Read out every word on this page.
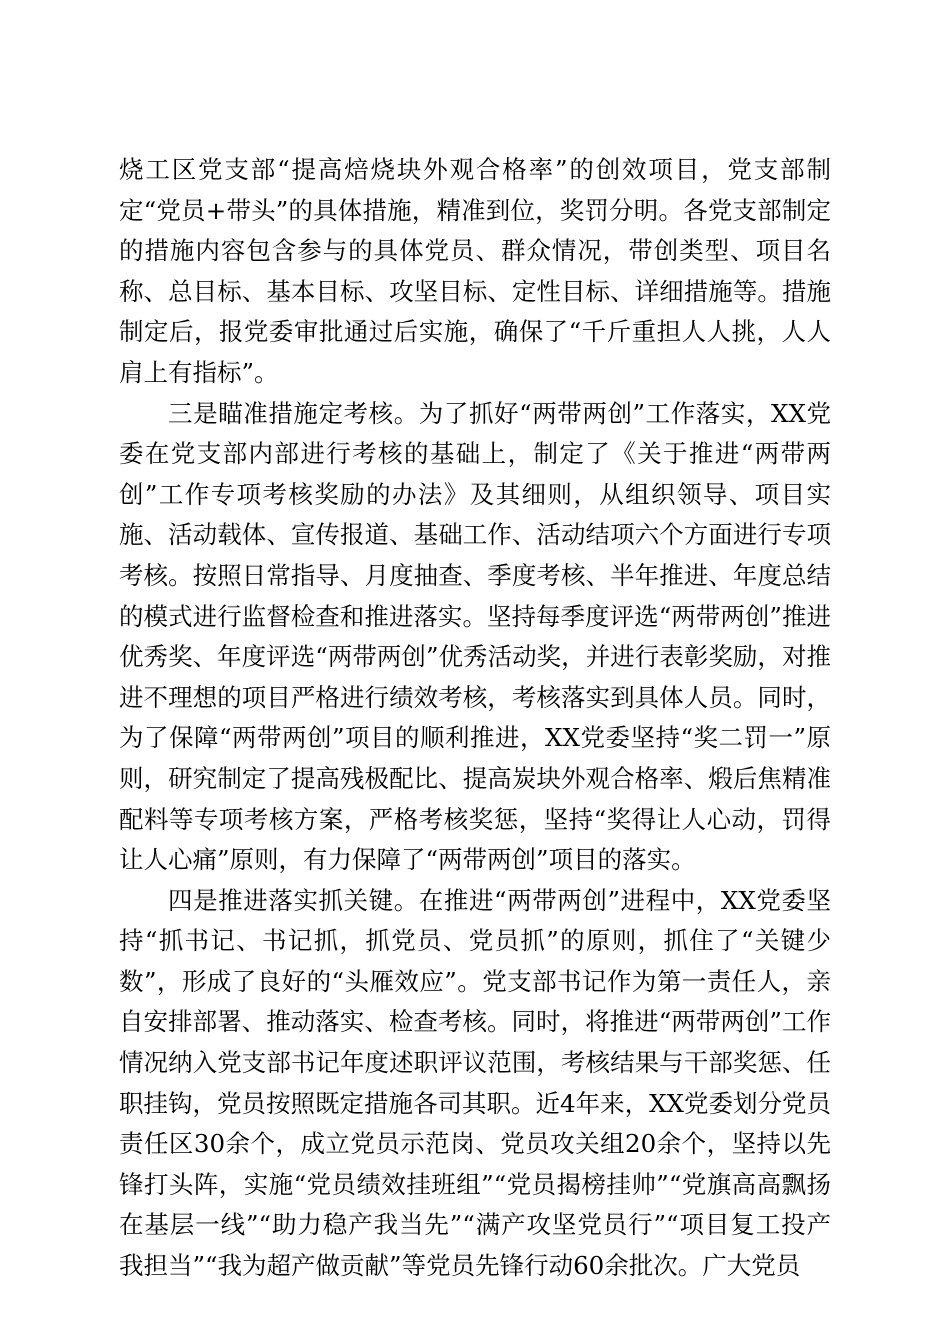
烧工区党支部“提高焙烧块外观合格率”的创效项目，党支部制定“党员+带头”的具体措施，精准到位，奖罚分明。各党支部制定的措施内容包含参与的具体党员、群众情况，带创类型、项目名称、总目标、基本目标、攻坚目标、定性目标、详细措施等。措施制定后，报党委审批通过后实施，确保了“千斤重担人人挑，人人肩上有指标”。

三是瞄准措施定考核。为了抓好“两带两创”工作落实，XX党委在党支部内部进行考核的基础上，制定了《关于推进“两带两创”工作专项考核奖励的办法》及其细则，从组织领导、项目实施、活动载体、宣传报道、基础工作、活动结项六个方面进行专项考核。按照日常指导、月度抽查、季度考核、半年推进、年度总结的模式进行监督检查和推进落实。坚持每季度评选“两带两创”推进优秀奖、年度评选“两带两创”优秀活动奖，并进行表彰奖励，对推进不理想的项目严格进行绩效考核，考核落实到具体人员。同时，为了保障“两带两创”项目的顺利推进，XX党委坚持“奖二罚一”原则，研究制定了提高残极配比、提高炭块外观合格率、煅后焦精准配料等专项考核方案，严格考核奖惩，坚持“奖得让人心动，罚得让人心痛”原则，有力保障了“两带两创”项目的落实。

四是推进落实抓关键。在推进“两带两创”进程中，XX党委坚持“抓书记、书记抓，抓党员、党员抓”的原则，抓住了“关键少数”，形成了良好的“头雁效应”。党支部书记作为第一责任人，亲自安排部署、推动落实、检查考核。同时，将推进“两带两创”工作情况纳入党支部书记年度述职评议范围，考核结果与干部奖惩、任职挂钩，党员按照既定措施各司其职。近4年来，XX党委划分党员责任区30余个，成立党员示范岗、党员攻关组20余个，坚持以先锋打头阵，实施“党员绩效挂班组”“党员揭榜挂帅”“党旗高高飘扬在基层一线”“助力稳产我当先”“满产攻坚党员行”“项目复工投产我担当”“我为超产做贡献”等党员先锋行动60余批次。广大党员
